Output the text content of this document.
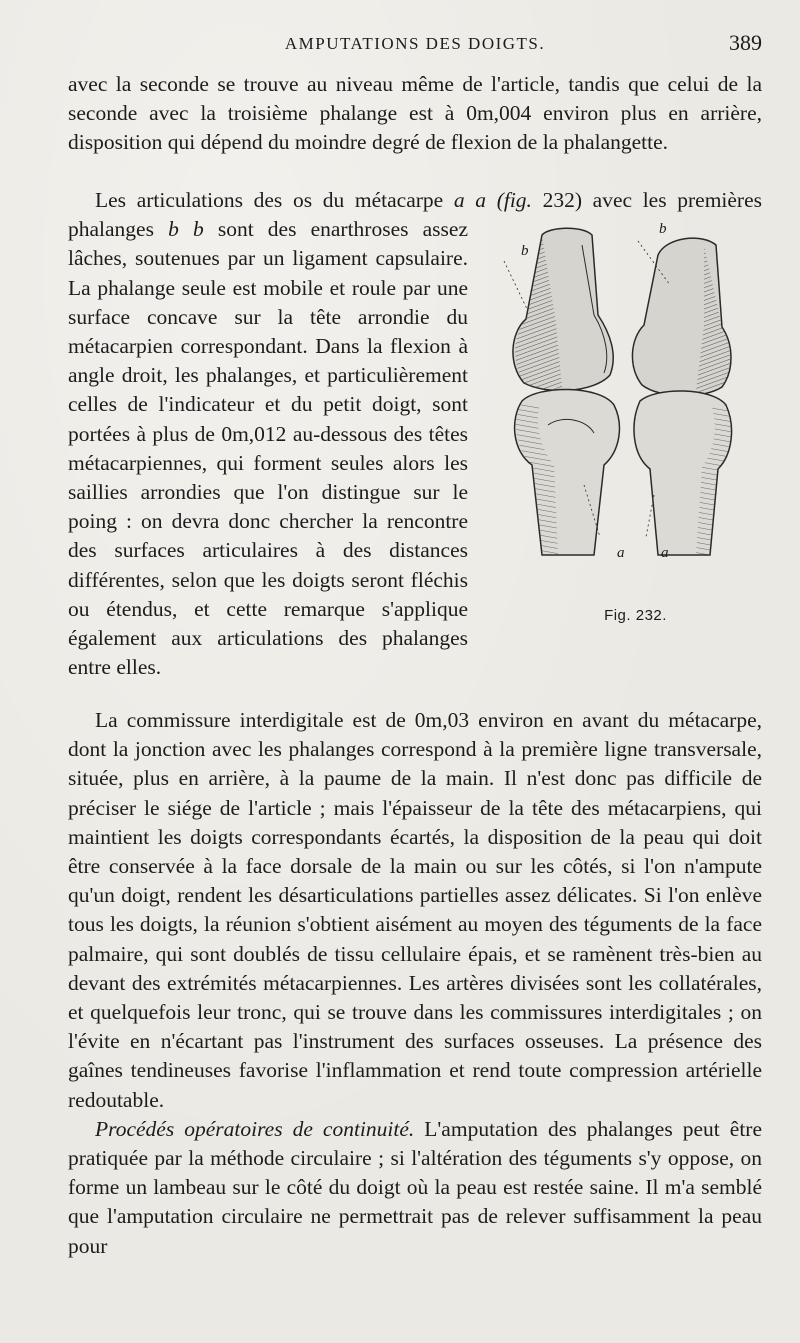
AMPUTATIONS DES DOIGTS.	389

avec la seconde se trouve au niveau même de l'article, tandis que celui de la seconde avec la troisième phalange est à 0m,004 environ plus en arrière, disposition qui dépend du moindre degré de flexion de la phalangette.

Les articulations des os du métacarpe a a (fig. 232) avec les premières phalanges b b
b
b
a	a
Fig. 232.
sont des enarthroses assez lâches, soutenues par un ligament capsulaire. La phalange seule est mobile et roule par une surface concave sur la tête arrondie du métacarpien correspondant. Dans la flexion à angle droit, les phalanges, et particulièrement celles de l'indicateur et du petit doigt, sont portées à plus de 0m,012 au-dessous des têtes métacarpiennes, qui forment seules alors les saillies arrondies que l'on distingue sur le poing : on devra donc chercher la rencontre des surfaces articulaires à des distances différentes, selon que les doigts seront fléchis ou étendus, et cette remarque s'applique également aux articulations des phalanges entre elles.

La commissure interdigitale est de 0m,03 environ en avant du métacarpe, dont la jonction avec les phalanges correspond à la première ligne transversale, située, plus en arrière, à la paume de la main. Il n'est donc pas difficile de préciser le siége de l'article ; mais l'épaisseur de la tête des métacarpiens, qui maintient les doigts correspondants écartés, la disposition de la peau qui doit être conservée à la face dorsale de la main ou sur les côtés, si l'on n'ampute qu'un doigt, rendent les désarticulations partielles assez délicates. Si l'on enlève tous les doigts, la réunion s'obtient aisément au moyen des téguments de la face palmaire, qui sont doublés de tissu cellulaire épais, et se ramènent très-bien au devant des extrémités métacarpiennes. Les artères divisées sont les collatérales, et quelquefois leur tronc, qui se trouve dans les commissures interdigitales ; on l'évite en n'écartant pas l'instrument des surfaces osseuses. La présence des gaînes tendineuses favorise l'inflammation et rend toute compression artérielle redoutable.

Procédés opératoires de continuité. L'amputation des phalanges peut être pratiquée par la méthode circulaire ; si l'altération des téguments s'y oppose, on forme un lambeau sur le côté du doigt où la peau est restée saine. Il m'a semblé que l'amputation circulaire ne permettrait pas de relever suffisamment la peau pour
